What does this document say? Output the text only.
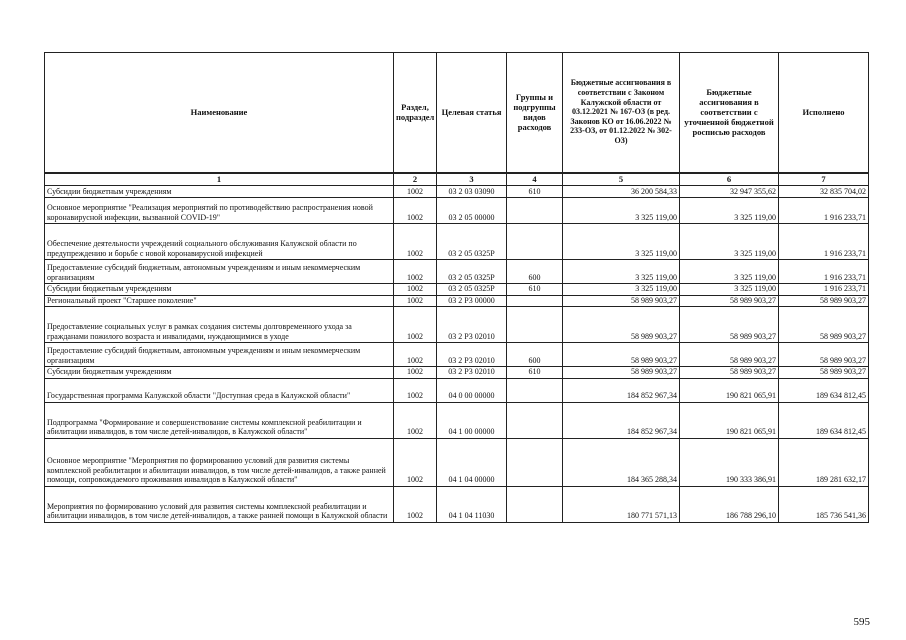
Наименование	Раздел, подраздел	Целевая статья	Группы и подгруппы видов расходов	Бюджетные ассигнования в соответствии с Законом Калужской области от 03.12.2021 № 167-ОЗ (в ред. Законов КО от 16.06.2022 № 233-ОЗ, от 01.12.2022 № 302-ОЗ)	Бюджетные ассигнования в соответствии с уточненной бюджетной росписью расходов	Исполнено
1	2	3	4	5	6	7
Субсидии бюджетным учреждениям	1002	03 2 03 03090	610	36 200 584,33	32 947 355,62	32 835 704,02
Основное мероприятие "Реализация мероприятий по противодействию распространения новой коронавирусной инфекции, вызванной COVID-19"	1002	03 2 05 00000		3 325 119,00	3 325 119,00	1 916 233,71
Обеспечение деятельности учреждений социального обслуживания Калужской области по предупреждению и борьбе с новой коронавирусной инфекцией	1002	03 2 05 0325Р		3 325 119,00	3 325 119,00	1 916 233,71
Предоставление субсидий бюджетным, автономным учреждениям и иным некоммерческим организациям	1002	03 2 05 0325Р	600	3 325 119,00	3 325 119,00	1 916 233,71
Субсидии бюджетным учреждениям	1002	03 2 05 0325Р	610	3 325 119,00	3 325 119,00	1 916 233,71
Региональный проект "Старшее поколение"	1002	03 2 Р3 00000		58 989 903,27	58 989 903,27	58 989 903,27
Предоставление социальных услуг в рамках создания системы долговременного ухода за гражданами пожилого возраста и инвалидами, нуждающимися в уходе	1002	03 2 Р3 02010		58 989 903,27	58 989 903,27	58 989 903,27
Предоставление субсидий бюджетным, автономным учреждениям и иным некоммерческим организациям	1002	03 2 Р3 02010	600	58 989 903,27	58 989 903,27	58 989 903,27
Субсидии бюджетным учреждениям	1002	03 2 Р3 02010	610	58 989 903,27	58 989 903,27	58 989 903,27
Государственная программа Калужской области "Доступная среда в Калужской области"	1002	04 0 00 00000		184 852 967,34	190 821 065,91	189 634 812,45
Подпрограмма "Формирование и совершенствование системы комплексной реабилитации и абилитации инвалидов, в том числе детей-инвалидов, в Калужской области"	1002	04 1 00 00000		184 852 967,34	190 821 065,91	189 634 812,45
Основное мероприятие "Мероприятия по формированию условий для развития системы комплексной реабилитации и абилитации инвалидов, в том числе детей-инвалидов, а также ранней помощи, сопровождаемого проживания инвалидов в Калужской области"	1002	04 1 04 00000		184 365 288,34	190 333 386,91	189 281 632,17
Мероприятия по формированию условий для развития системы комплексной реабилитации и абилитации инвалидов, в том числе детей-инвалидов, а также ранней помощи в Калужской области	1002	04 1 04 11030		180 771 571,13	186 788 296,10	185 736 541,36
595
